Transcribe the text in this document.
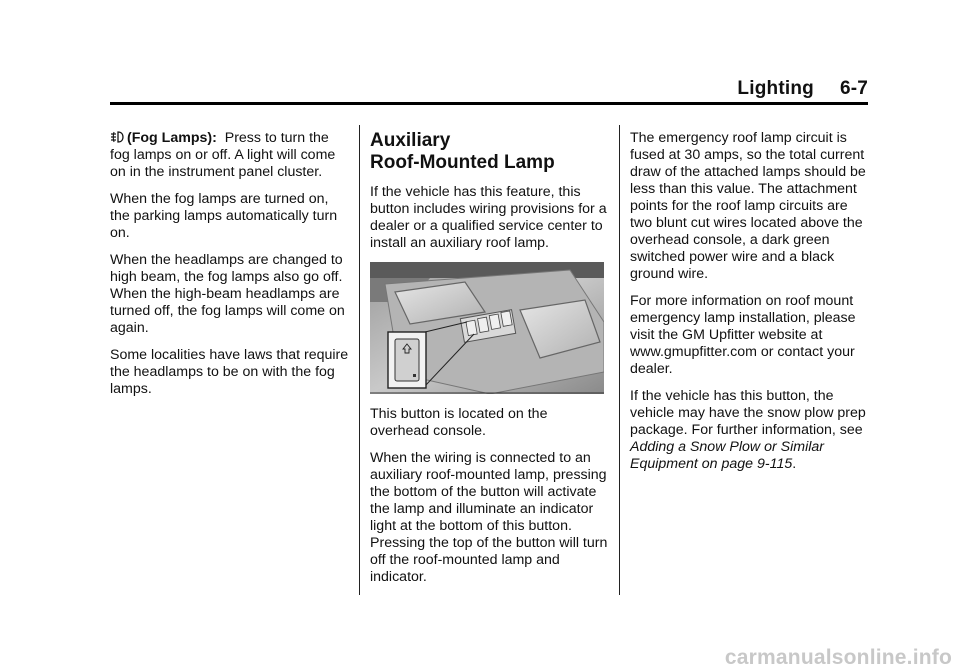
Lighting 6-7

(Fog Lamps): Press to turn the fog lamps on or off. A light will come on in the instrument panel cluster.

When the fog lamps are turned on, the parking lamps automatically turn on.

When the headlamps are changed to high beam, the fog lamps also go off. When the high-beam headlamps are turned off, the fog lamps will come on again.

Some localities have laws that require the headlamps to be on with the fog lamps.

Auxiliary
Roof-Mounted Lamp

If the vehicle has this feature, this button includes wiring provisions for a dealer or a qualified service center to install an auxiliary roof lamp.

This button is located on the overhead console.

When the wiring is connected to an auxiliary roof-mounted lamp, pressing the bottom of the button will activate the lamp and illuminate an indicator light at the bottom of this button. Pressing the top of the button will turn off the roof-mounted lamp and indicator.

The emergency roof lamp circuit is fused at 30 amps, so the total current draw of the attached lamps should be less than this value. The attachment points for the roof lamp circuits are two blunt cut wires located above the overhead console, a dark green switched power wire and a black ground wire.

For more information on roof mount emergency lamp installation, please visit the GM Upfitter website at www.gmupfitter.com or contact your dealer.

If the vehicle has this button, the vehicle may have the snow plow prep package. For further information, see Adding a Snow Plow or Similar Equipment on page 9-115.

carmanualsonline.info
